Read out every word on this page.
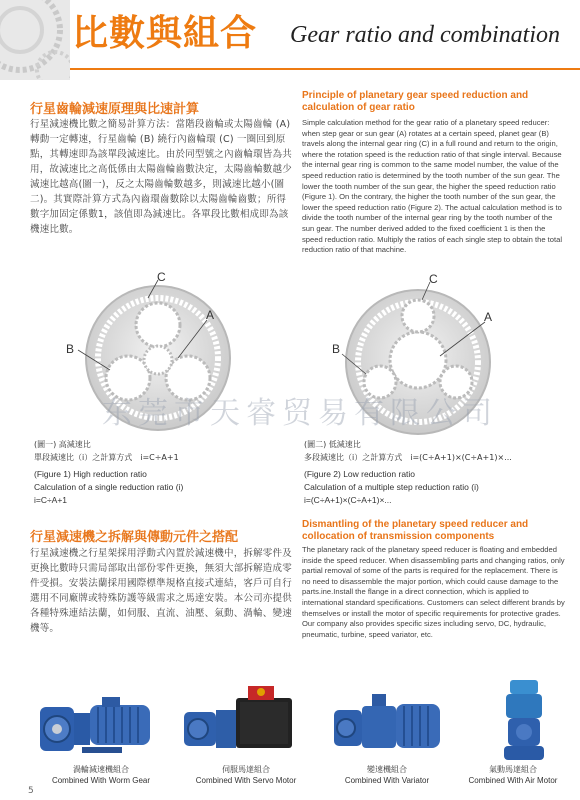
比數與組合 Gear ratio and combination
行星齒輪減速原理與比速計算
行星減速機比數之簡易計算方法：當階段齒輪或太陽齒輪 (A) 轉動一定轉速，行星齒輪 (B) 繞行內齒輪環 (C) 一圈回到原點，其轉速即為該單段減速比。由於同型號之內齒輪環皆為共用，故減速比之高低係由太陽齒輪齒數決定，太陽齒輪數越少減速比越高(圖一)，反之太陽齒輪數越多，則減速比越小(圖二)。其實際計算方式為內齒環齒數除以太陽齒輪齒數；所得數字加固定係數1，該值即為減速比。各單段比數相成即為該機速比數。
Principle of planetary gear speed reduction and calculation of gear ratio
Simple calculation method for the gear ratio of a planetary speed reducer: when step gear or sun gear (A) rotates at a certain speed, planet gear (B) travels along the internal gear ring (C) in a full round and return to the origin, where the rotation speed is the reduction ratio of that single interval. Because the internal gear ring is common to the same model number, the value of the speed reduction ratio is determined by the tooth number of the sun gear. The lower the tooth number of the sun gear, the higher the speed reduction ratio (Figure 1). On the contrary, the higher the tooth number of the sun gear, the lower the speed reduction ratio (Figure 2). The actual calculation method is to divide the tooth number of the internal gear ring by the tooth number of the sun gear. The number derived added to the fixed coefficient 1 is then the speed reduction ratio. Multiply the ratios of each single step to obtain the total reduction ratio of that machine.
C
A
B
C
A
B
东莞市天睿贸易有限公司
(圖一) 高減速比
單段減速比（i）之計算方式　i=C÷A+1
(Figure 1) High reduction ratio
Calculation of a single reduction ratio (i)
i=C÷A+1
(圖二) 低減速比
多段減速比（i）之計算方式　i=(C÷A+1)×(C÷A+1)×...
(Figure 2) Low reduction ratio
Calculation of a multiple step reduction ratio (i)
i=(C÷A+1)×(C÷A+1)×...
行星減速機之拆解與傳動元件之搭配
行星減速機之行星架採用浮動式內置於減速機中，拆解零件及更換比數時只需局部取出部份零件更換，無須大部拆解造成零件受損。安裝法蘭採用國際標準規格直接式連結，客戶可自行選用不同廠牌或特殊防護等級需求之馬達安裝。本公司亦提供各種特殊連結法蘭，如伺服、直流、油壓、氣動、渦輪、變速機等。
Dismantling of the planetary speed reducer and collocation of transmission components
The planetary rack of the planetary speed reducer is floating and embedded inside the speed reducer. When disassembling parts and changing ratios, only partial removal of some of the parts is required for the replacement. There is no need to disassemble the major portion, which could cause damage to the parts.ine.Install the flange in a direct connection, which is applied to international standard specifications. Customers can select different brands by themselves or install the motor of specific requirements for protective grades. Our company also provides specific sizes including servo, DC, hydraulic, pneumatic, turbine, speed variator, etc.
渦輪減速機組合
Combined With Worm Gear
伺服馬達組合
Combined With Servo Motor
變速機組合
Combined With Variator
氣動馬達組合
Combined With Air Motor
5
